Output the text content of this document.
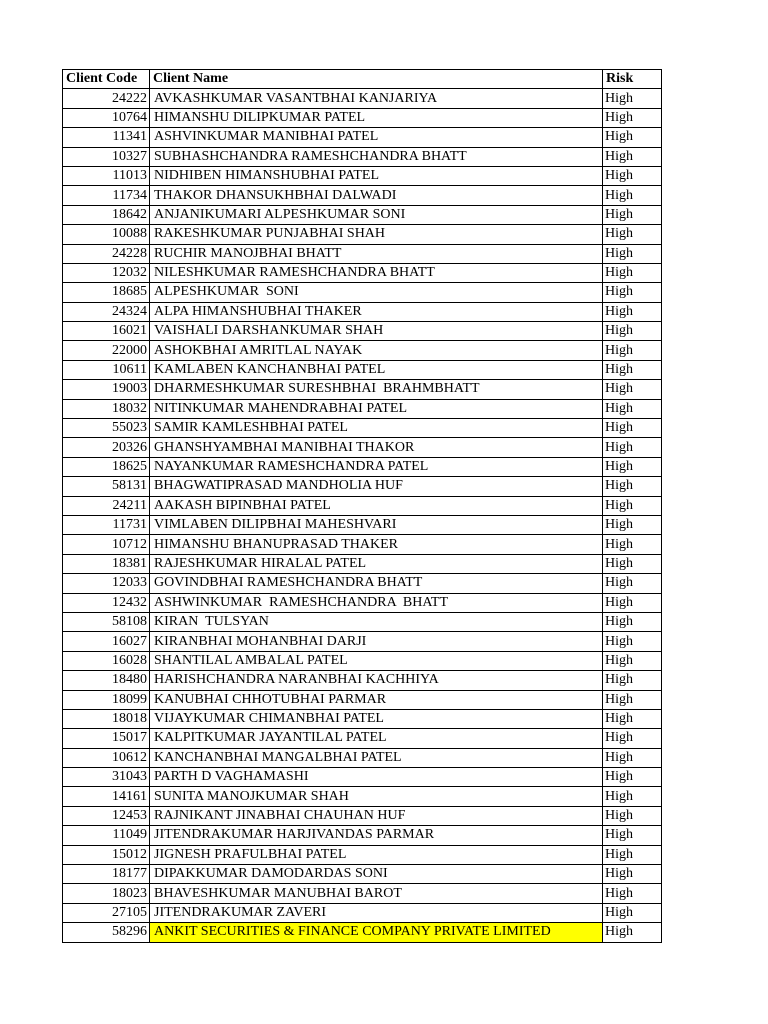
Client Code	Client Name	Risk
24222	AVKASHKUMAR VASANTBHAI KANJARIYA	High
10764	HIMANSHU DILIPKUMAR PATEL	High
11341	ASHVINKUMAR MANIBHAI PATEL	High
10327	SUBHASHCHANDRA RAMESHCHANDRA BHATT	High
11013	NIDHIBEN HIMANSHUBHAI PATEL	High
11734	THAKOR DHANSUKHBHAI DALWADI	High
18642	ANJANIKUMARI ALPESHKUMAR SONI	High
10088	RAKESHKUMAR PUNJABHAI SHAH	High
24228	RUCHIR MANOJBHAI BHATT	High
12032	NILESHKUMAR RAMESHCHANDRA BHATT	High
18685	ALPESHKUMAR  SONI	High
24324	ALPA HIMANSHUBHAI THAKER	High
16021	VAISHALI DARSHANKUMAR SHAH	High
22000	ASHOKBHAI AMRITLAL NAYAK	High
10611	KAMLABEN KANCHANBHAI PATEL	High
19003	DHARMESHKUMAR SURESHBHAI  BRAHMBHATT	High
18032	NITINKUMAR MAHENDRABHAI PATEL	High
55023	SAMIR KAMLESHBHAI PATEL	High
20326	GHANSHYAMBHAI MANIBHAI THAKOR	High
18625	NAYANKUMAR RAMESHCHANDRA PATEL	High
58131	BHAGWATIPRASAD MANDHOLIA HUF	High
24211	AAKASH BIPINBHAI PATEL	High
11731	VIMLABEN DILIPBHAI MAHESHVARI	High
10712	HIMANSHU BHANUPRASAD THAKER	High
18381	RAJESHKUMAR HIRALAL PATEL	High
12033	GOVINDBHAI RAMESHCHANDRA BHATT	High
12432	ASHWINKUMAR  RAMESHCHANDRA  BHATT	High
58108	KIRAN  TULSYAN	High
16027	KIRANBHAI MOHANBHAI DARJI	High
16028	SHANTILAL AMBALAL PATEL	High
18480	HARISHCHANDRA NARANBHAI KACHHIYA	High
18099	KANUBHAI CHHOTUBHAI PARMAR	High
18018	VIJAYKUMAR CHIMANBHAI PATEL	High
15017	KALPITKUMAR JAYANTILAL PATEL	High
10612	KANCHANBHAI MANGALBHAI PATEL	High
31043	PARTH D VAGHAMASHI	High
14161	SUNITA MANOJKUMAR SHAH	High
12453	RAJNIKANT JINABHAI CHAUHAN HUF	High
11049	JITENDRAKUMAR HARJIVANDAS PARMAR	High
15012	JIGNESH PRAFULBHAI PATEL	High
18177	DIPAKKUMAR DAMODARDAS SONI	High
18023	BHAVESHKUMAR MANUBHAI BAROT	High
27105	JITENDRAKUMAR ZAVERI	High
58296	ANKIT SECURITIES & FINANCE COMPANY PRIVATE LIMITED	High
